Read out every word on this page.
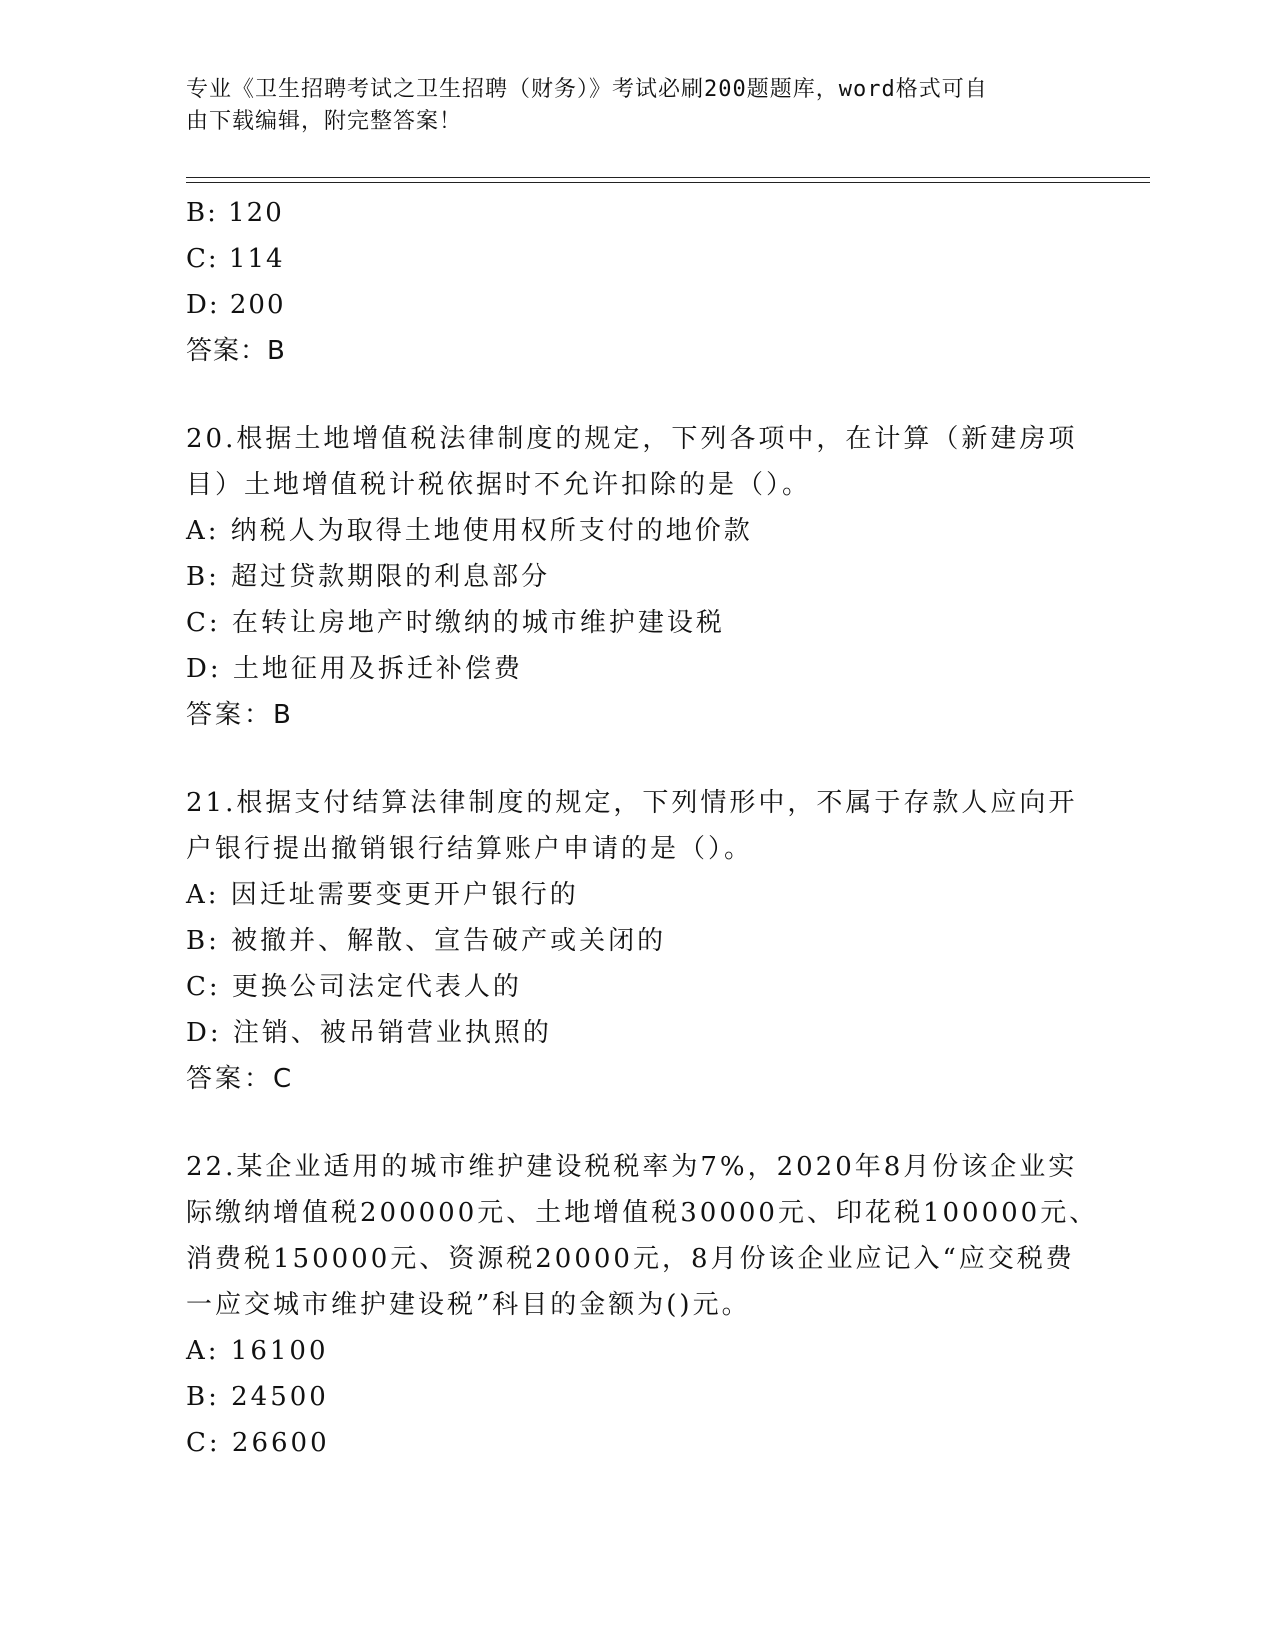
专业《卫生招聘考试之卫生招聘（财务）》考试必刷200题题库，word格式可自
由下载编辑，附完整答案！
B: 120
C: 114
D: 200
答案：B
20.根据土地增值税法律制度的规定，下列各项中，在计算（新建房项
目）土地增值税计税依据时不允许扣除的是（）。
A: 纳税人为取得土地使用权所支付的地价款
B: 超过贷款期限的利息部分
C: 在转让房地产时缴纳的城市维护建设税
D: 土地征用及拆迁补偿费
答案：B
21.根据支付结算法律制度的规定，下列情形中，不属于存款人应向开
户银行提出撤销银行结算账户申请的是（）。
A: 因迁址需要变更开户银行的
B: 被撤并、解散、宣告破产或关闭的
C: 更换公司法定代表人的
D: 注销、被吊销营业执照的
答案：C
22.某企业适用的城市维护建设税税率为7%，2020年8月份该企业实
际缴纳增值税200000元、土地增值税30000元、印花税100000元、
消费税150000元、资源税20000元，8月份该企业应记入“应交税费
一应交城市维护建设税”科目的金额为()元。
A: 16100
B: 24500
C: 26600
